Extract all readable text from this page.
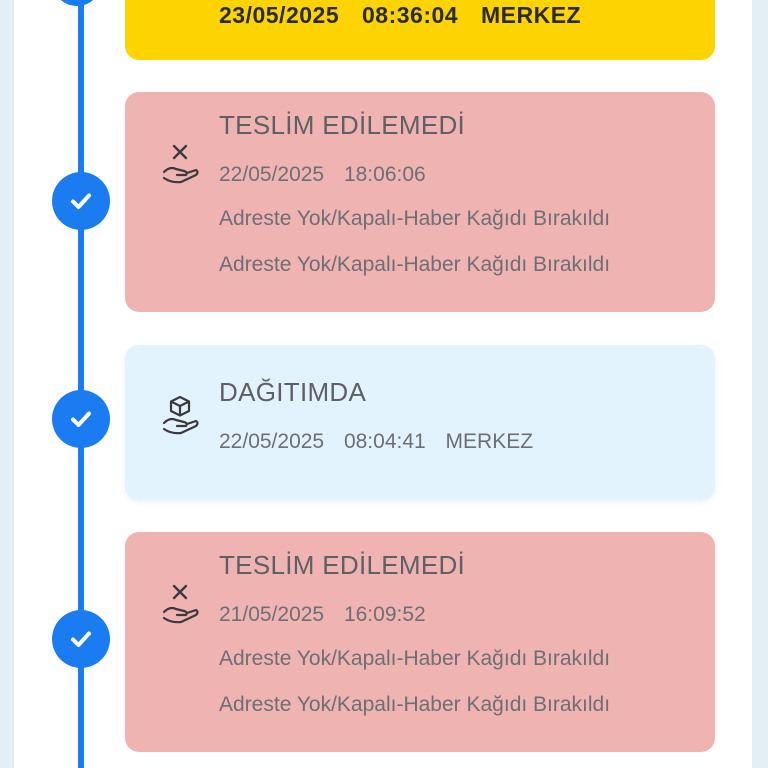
23/05/2025 08:36:04 MERKEZ
TESLİM EDİLEMEDİ
22/05/2025 18:06:06
Adreste Yok/Kapalı-Haber Kağıdı Bırakıldı
Adreste Yok/Kapalı-Haber Kağıdı Bırakıldı
DAĞITIMDA
22/05/2025 08:04:41 MERKEZ
TESLİM EDİLEMEDİ
21/05/2025 16:09:52
Adreste Yok/Kapalı-Haber Kağıdı Bırakıldı
Adreste Yok/Kapalı-Haber Kağıdı Bırakıldı
